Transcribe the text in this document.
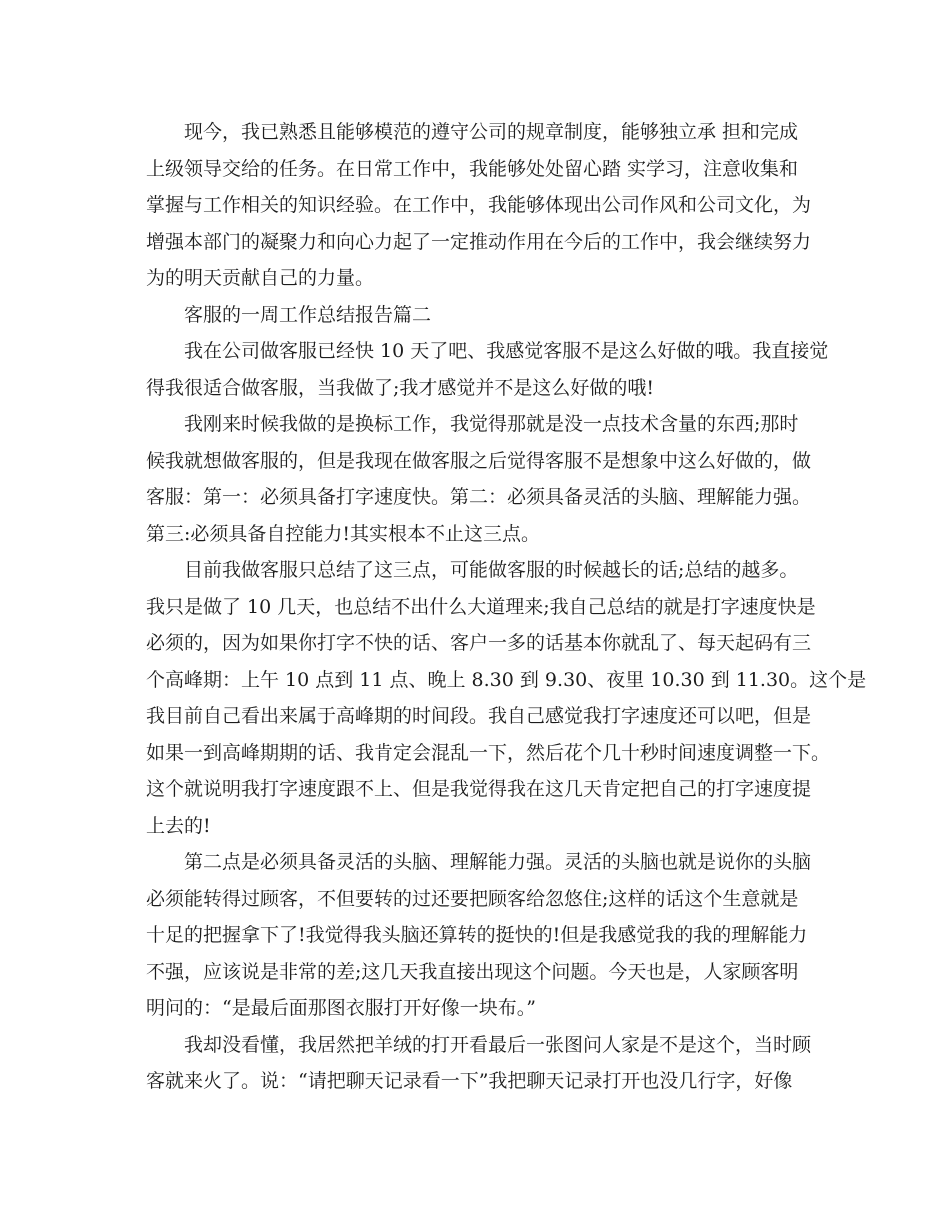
现今，我已熟悉且能够模范的遵守公司的规章制度，能够独立承 担和完成
上级领导交给的任务。在日常工作中，我能够处处留心踏 实学习，注意收集和
掌握与工作相关的知识经验。在工作中，我能够体现出公司作风和公司文化，为
增强本部门的凝聚力和向心力起了一定推动作用在今后的工作中，我会继续努力
为的明天贡献自己的力量。
客服的一周工作总结报告篇二
我在公司做客服已经快 10 天了吧、我感觉客服不是这么好做的哦。我直接觉
得我很适合做客服，当我做了;我才感觉并不是这么好做的哦!
我刚来时候我做的是换标工作，我觉得那就是没一点技术含量的东西;那时
候我就想做客服的，但是我现在做客服之后觉得客服不是想象中这么好做的，做
客服：第一：必须具备打字速度快。第二：必须具备灵活的头脑、理解能力强。
第三:必须具备自控能力!其实根本不止这三点。
目前我做客服只总结了这三点，可能做客服的时候越长的话;总结的越多。
我只是做了 10 几天，也总结不出什么大道理来;我自己总结的就是打字速度快是
必须的，因为如果你打字不快的话、客户一多的话基本你就乱了、每天起码有三
个高峰期：上午 10 点到 11 点、晚上 8.30 到 9.30、夜里 10.30 到 11.30。这个是
我目前自己看出来属于高峰期的时间段。我自己感觉我打字速度还可以吧，但是
如果一到高峰期期的话、我肯定会混乱一下，然后花个几十秒时间速度调整一下。
这个就说明我打字速度跟不上、但是我觉得我在这几天肯定把自己的打字速度提
上去的!
第二点是必须具备灵活的头脑、理解能力强。灵活的头脑也就是说你的头脑
必须能转得过顾客，不但要转的过还要把顾客给忽悠住;这样的话这个生意就是
十足的把握拿下了!我觉得我头脑还算转的挺快的!但是我感觉我的我的理解能力
不强，应该说是非常的差;这几天我直接出现这个问题。今天也是，人家顾客明
明问的：“是最后面那图衣服打开好像一块布。”
我却没看懂，我居然把羊绒的打开看最后一张图问人家是不是这个，当时顾
客就来火了。说：“请把聊天记录看一下”我把聊天记录打开也没几行字，好像
